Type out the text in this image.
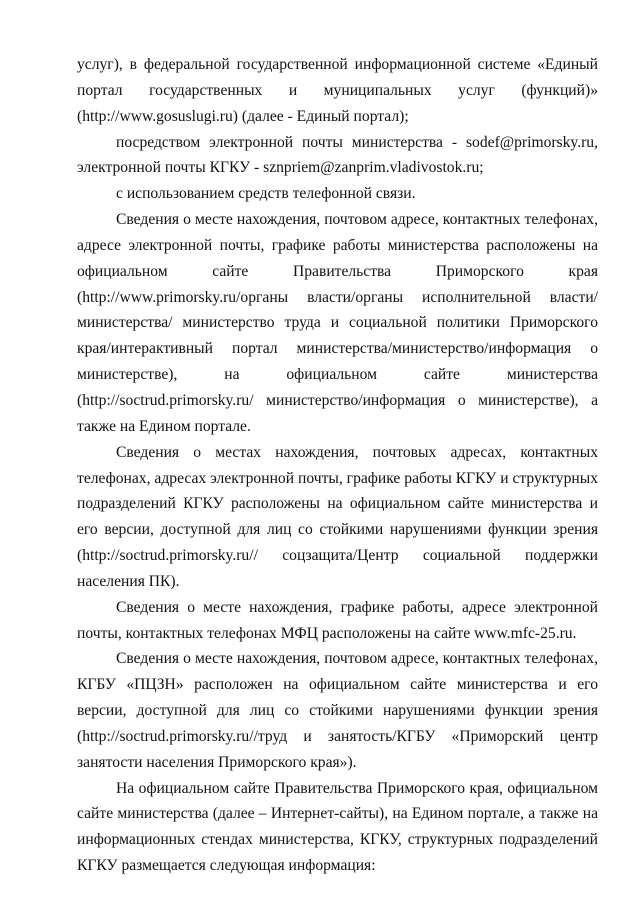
услуг), в федеральной государственной информационной системе «Единый портал государственных и муниципальных услуг (функций)» (http://www.gosuslugi.ru) (далее - Единый портал);

посредством электронной почты министерства - sodef@primorsky.ru, электронной почты КГКУ - sznpriem@zanprim.vladivostok.ru;

с использованием средств телефонной связи.

Сведения о месте нахождения, почтовом адресе, контактных телефонах, адресе электронной почты, графике работы министерства расположены на официальном сайте Правительства Приморского края (http://www.primorsky.ru/органы власти/органы исполнительной власти/ министерства/ министерство труда и социальной политики Приморского края/интерактивный портал министерства/министерство/информация о министерстве), на официальном сайте министерства (http://soctrud.primorsky.ru/ министерство/информация о министерстве), а также на Едином портале.

Сведения о местах нахождения, почтовых адресах, контактных телефонах, адресах электронной почты, графике работы КГКУ и структурных подразделений КГКУ расположены на официальном сайте министерства и его версии, доступной для лиц со стойкими нарушениями функции зрения (http://soctrud.primorsky.ru// соцзащита/Центр социальной поддержки населения ПК).

Сведения о месте нахождения, графике работы, адресе электронной почты, контактных телефонах МФЦ расположены на сайте www.mfc-25.ru.

Сведения о месте нахождения, почтовом адресе, контактных телефонах, КГБУ «ПЦЗН» расположен на официальном сайте министерства и его версии, доступной для лиц со стойкими нарушениями функции зрения (http://soctrud.primorsky.ru//труд и занятость/КГБУ «Приморский центр занятости населения Приморского края»).

На официальном сайте Правительства Приморского края, официальном сайте министерства (далее – Интернет-сайты), на Едином портале, а также на информационных стендах министерства, КГКУ, структурных подразделений КГКУ размещается следующая информация:
